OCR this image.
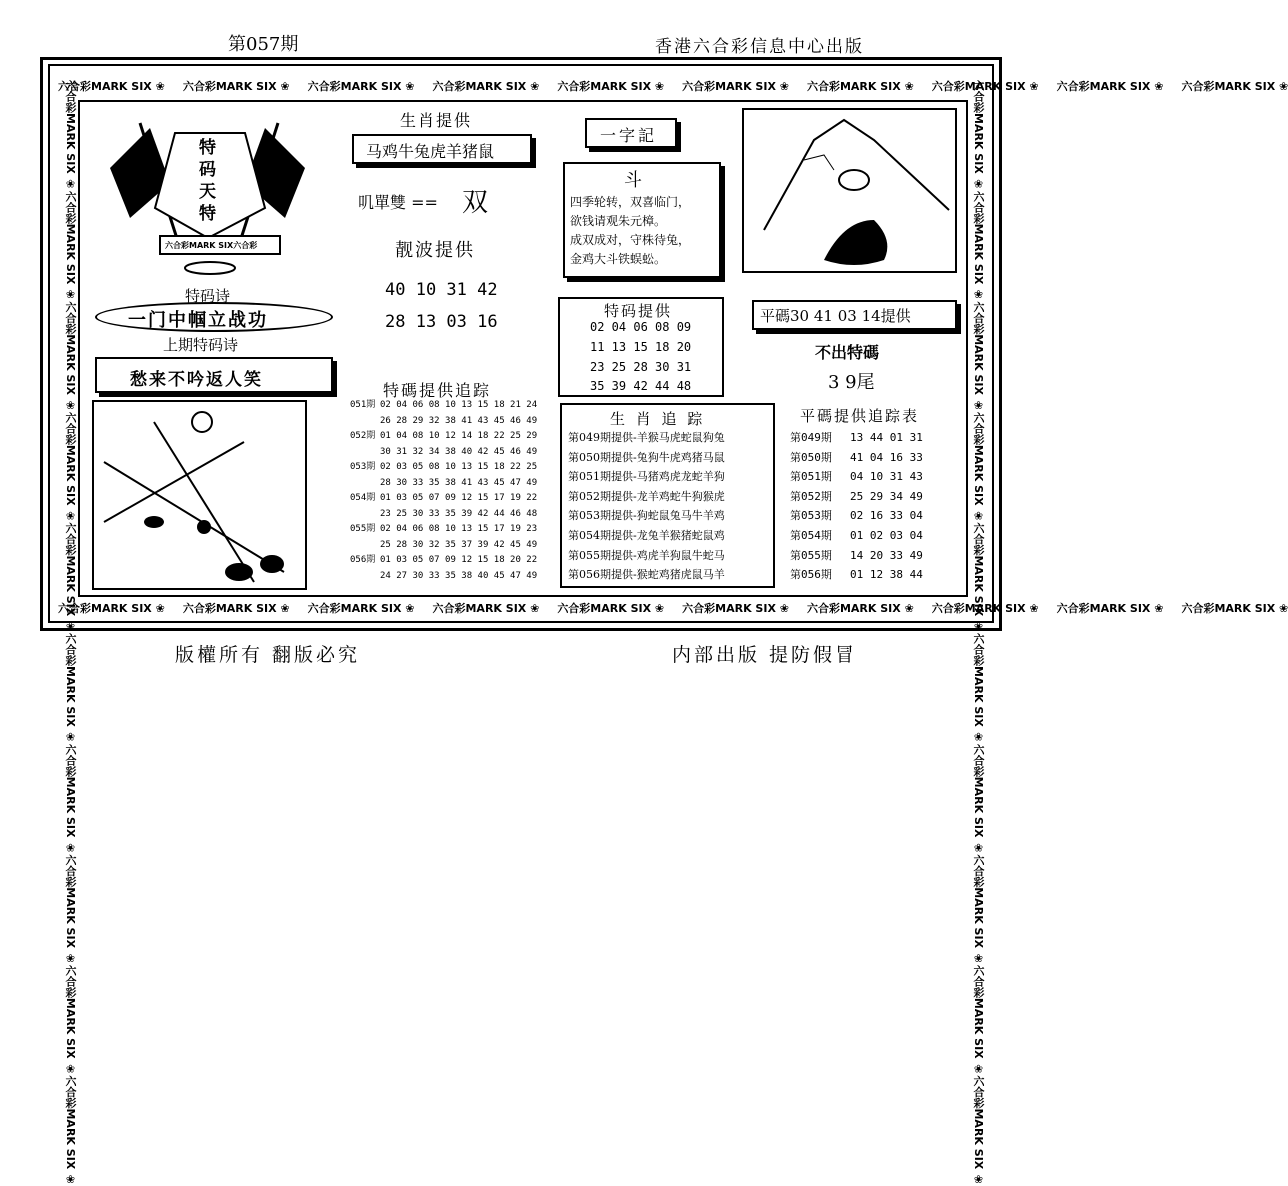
第057期	香港六合彩信息中心出版
六合彩MARK SIX ❀ 六合彩MARK SIX ❀ 六合彩MARK SIX ❀ 六合彩MARK SIX ❀ 六合彩MARK SIX ❀ 六合彩MARK SIX ❀ 六合彩MARK SIX ❀ 六合彩MARK SIX ❀ 六合彩MARK SIX ❀ 六合彩MARK SIX ❀
六合彩MARK SIX ❀ 六合彩MARK SIX ❀ 六合彩MARK SIX ❀ 六合彩MARK SIX ❀ 六合彩MARK SIX ❀ 六合彩MARK SIX ❀ 六合彩MARK SIX ❀ 六合彩MARK SIX ❀ 六合彩MARK SIX ❀ 六合彩MARK SIX ❀
六合彩MARK SIX ❀六合彩MARK SIX ❀六合彩MARK SIX ❀六合彩MARK SIX ❀六合彩MARK SIX ❀六合彩MARK SIX ❀六合彩MARK SIX ❀六合彩MARK SIX ❀六合彩MARK SIX ❀六合彩MARK SIX ❀
六合彩MARK SIX ❀六合彩MARK SIX ❀六合彩MARK SIX ❀六合彩MARK SIX ❀六合彩MARK SIX ❀六合彩MARK SIX ❀六合彩MARK SIX ❀六合彩MARK SIX ❀六合彩MARK SIX ❀六合彩MARK SIX ❀
特
码
天
特
六合彩MARK SIX六合彩
特码诗
一门中帼立战功
上期特码诗
愁来不吟返人笑
生肖提供
马鸡牛兔虎羊猪鼠
叽單雙 == 双
靓波提供
40 10 31 42
28 13 03 16
特碼提供追踪
051期 02 04 06 08 10 13 15 18 21 24
26 28 29 32 38 41 43 45 46 49
052期 01 04 08 10 12 14 18 22 25 29
30 31 32 34 38 40 42 45 46 49
053期 02 03 05 08 10 13 15 18 22 25
28 30 33 35 38 41 43 45 47 49
054期 01 03 05 07 09 12 15 17 19 22
23 25 30 33 35 39 42 44 46 48
055期 02 04 06 08 10 13 15 17 19 23
25 28 30 32 35 37 39 42 45 49
056期 01 03 05 07 09 12 15 18 20 22
24 27 30 33 35 38 40 45 47 49
一字記
斗
四季轮转，双喜临门，
欲钱请观朱元樟。
成双成对，守株待兔，
金鸡大斗铁蜈蚣。
特码提供
02 04 06 08 09
11 13 15 18 20
23 25 28 30 31
35 39 42 44 48
生 肖 追 踪
第049期提供-羊猴马虎蛇鼠狗兔
第050期提供-兔狗牛虎鸡猪马鼠
第051期提供-马猪鸡虎龙蛇羊狗
第052期提供-龙羊鸡蛇牛狗猴虎
第053期提供-狗蛇鼠兔马牛羊鸡
第054期提供-龙兔羊猴猪蛇鼠鸡
第055期提供-鸡虎羊狗鼠牛蛇马
第056期提供-猴蛇鸡猪虎鼠马羊
平碼30 41 03 14提供
不出特碼
3 9尾
平碼提供追踪表
第049期 13 44 01 31
第050期 41 04 16 33
第051期 04 10 31 43
第052期 25 29 34 49
第053期 02 16 33 04
第054期 01 02 03 04
第055期 14 20 33 49
第056期 01 12 38 44
版權所有 翻版必究	内部出版 提防假冒
